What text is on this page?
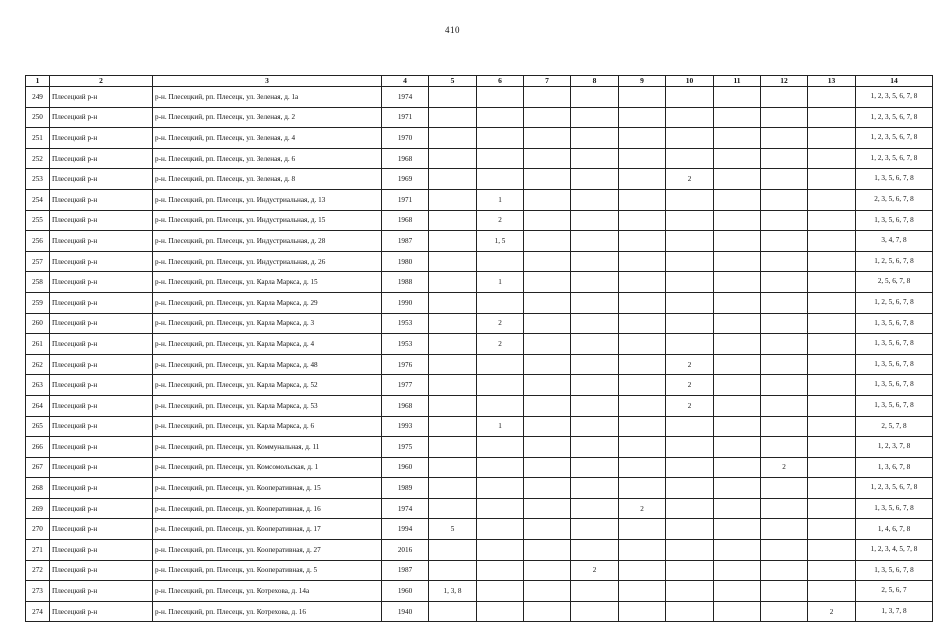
410
1	2	3	4	5	6	7	8	9	10	11	12	13	14
249	Плесецкий р-н	р-н. Плесецкий, рп. Плесецк, ул. Зеленая, д. 1а	1974										1, 2, 3, 5, 6, 7, 8
250	Плесецкий р-н	р-н. Плесецкий, рп. Плесецк, ул. Зеленая, д. 2	1971										1, 2, 3, 5, 6, 7, 8
251	Плесецкий р-н	р-н. Плесецкий, рп. Плесецк, ул. Зеленая, д. 4	1970										1, 2, 3, 5, 6, 7, 8
252	Плесецкий р-н	р-н. Плесецкий, рп. Плесецк, ул. Зеленая, д. 6	1968										1, 2, 3, 5, 6, 7, 8
253	Плесецкий р-н	р-н. Плесецкий, рп. Плесецк, ул. Зеленая, д. 8	1969						2				1, 3, 5, 6, 7, 8
254	Плесецкий р-н	р-н. Плесецкий, рп. Плесецк, ул. Индустриальная, д. 13	1971		1								2, 3, 5, 6, 7, 8
255	Плесецкий р-н	р-н. Плесецкий, рп. Плесецк, ул. Индустриальная, д. 15	1968		2								1, 3, 5, 6, 7, 8
256	Плесецкий р-н	р-н. Плесецкий, рп. Плесецк, ул. Индустриальная, д. 28	1987		1, 5								3, 4, 7, 8
257	Плесецкий р-н	р-н. Плесецкий, рп. Плесецк, ул. Индустриальная, д. 26	1980										1, 2, 5, 6, 7, 8
258	Плесецкий р-н	р-н. Плесецкий, рп. Плесецк, ул. Карла Маркса, д. 15	1988		1								2, 5, 6, 7, 8
259	Плесецкий р-н	р-н. Плесецкий, рп. Плесецк, ул. Карла Маркса, д. 29	1990										1, 2, 5, 6, 7, 8
260	Плесецкий р-н	р-н. Плесецкий, рп. Плесецк, ул. Карла Маркса, д. 3	1953		2								1, 3, 5, 6, 7, 8
261	Плесецкий р-н	р-н. Плесецкий, рп. Плесецк, ул. Карла Маркса, д. 4	1953		2								1, 3, 5, 6, 7, 8
262	Плесецкий р-н	р-н. Плесецкий, рп. Плесецк, ул. Карла Маркса, д. 48	1976						2				1, 3, 5, 6, 7, 8
263	Плесецкий р-н	р-н. Плесецкий, рп. Плесецк, ул. Карла Маркса, д. 52	1977						2				1, 3, 5, 6, 7, 8
264	Плесецкий р-н	р-н. Плесецкий, рп. Плесецк, ул. Карла Маркса, д. 53	1968						2				1, 3, 5, 6, 7, 8
265	Плесецкий р-н	р-н. Плесецкий, рп. Плесецк, ул. Карла Маркса, д. 6	1993		1								2, 5, 7, 8
266	Плесецкий р-н	р-н. Плесецкий, рп. Плесецк, ул. Коммунальная, д. 11	1975										1, 2, 3, 7, 8
267	Плесецкий р-н	р-н. Плесецкий, рп. Плесецк, ул. Комсомольская, д. 1	1960								2		1, 3, 6, 7, 8
268	Плесецкий р-н	р-н. Плесецкий, рп. Плесецк, ул. Кооперативная, д. 15	1989										1, 2, 3, 5, 6, 7, 8
269	Плесецкий р-н	р-н. Плесецкий, рп. Плесецк, ул. Кооперативная, д. 16	1974					2					1, 3, 5, 6, 7, 8
270	Плесецкий р-н	р-н. Плесецкий, рп. Плесецк, ул. Кооперативная, д. 17	1994	5									1, 4, 6, 7, 8
271	Плесецкий р-н	р-н. Плесецкий, рп. Плесецк, ул. Кооперативная, д. 27	2016										1, 2, 3, 4, 5, 7, 8
272	Плесецкий р-н	р-н. Плесецкий, рп. Плесецк, ул. Кооперативная, д. 5	1987				2						1, 3, 5, 6, 7, 8
273	Плесецкий р-н	р-н. Плесецкий, рп. Плесецк, ул. Котрехова, д. 14а	1960	1, 3, 8									2, 5, 6, 7
274	Плесецкий р-н	р-н. Плесецкий, рп. Плесецк, ул. Котрехова, д. 16	1940									2	1, 3, 7, 8
